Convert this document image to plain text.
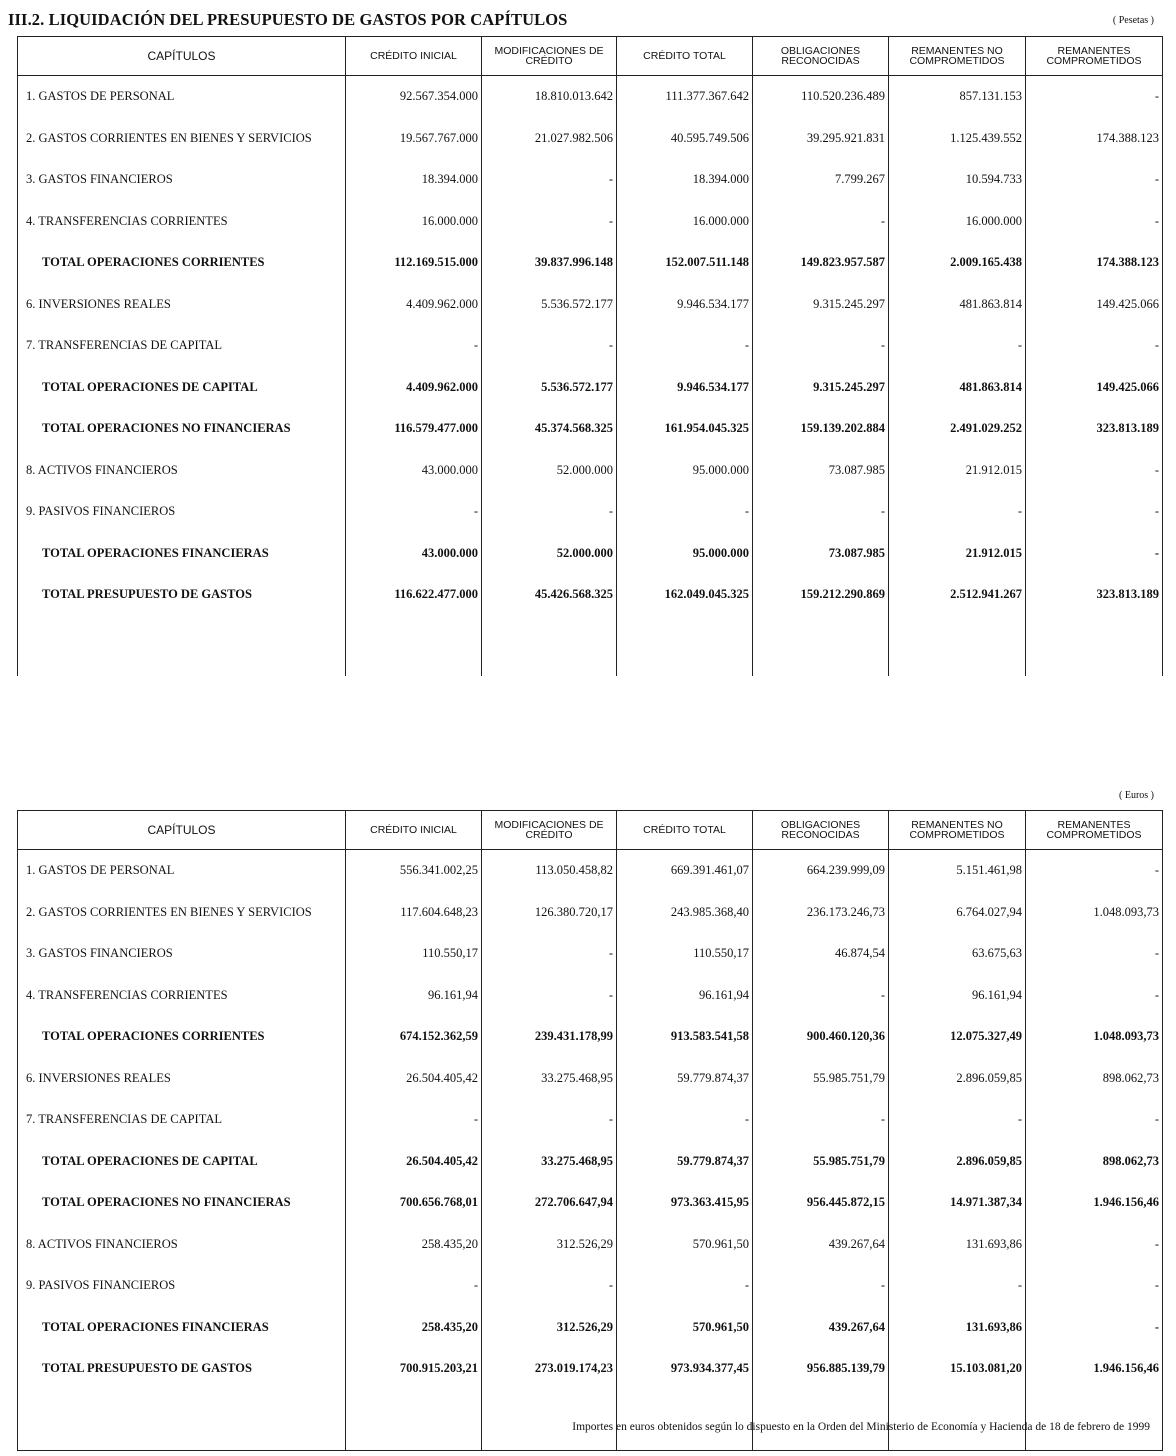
III.2. LIQUIDACIÓN DEL PRESUPUESTO DE GASTOS POR CAPÍTULOS	( Pesetas )
CAPÍTULOS	CRÉDITO INICIAL	MODIFICACIONES DE CRÉDITO	CRÉDITO TOTAL	OBLIGACIONES RECONOCIDAS	REMANENTES NO COMPROMETIDOS	REMANENTES COMPROMETIDOS
1. GASTOS DE PERSONAL	92.567.354.000	18.810.013.642	111.377.367.642	110.520.236.489	857.131.153	-
2. GASTOS CORRIENTES EN BIENES Y SERVICIOS	19.567.767.000	21.027.982.506	40.595.749.506	39.295.921.831	1.125.439.552	174.388.123
3. GASTOS FINANCIEROS	18.394.000	-	18.394.000	7.799.267	10.594.733	-
4. TRANSFERENCIAS CORRIENTES	16.000.000	-	16.000.000	-	16.000.000	-
TOTAL OPERACIONES CORRIENTES	112.169.515.000	39.837.996.148	152.007.511.148	149.823.957.587	2.009.165.438	174.388.123
6. INVERSIONES REALES	4.409.962.000	5.536.572.177	9.946.534.177	9.315.245.297	481.863.814	149.425.066
7. TRANSFERENCIAS DE CAPITAL	-	-	-	-	-	-
TOTAL OPERACIONES DE CAPITAL	4.409.962.000	5.536.572.177	9.946.534.177	9.315.245.297	481.863.814	149.425.066
TOTAL OPERACIONES NO FINANCIERAS	116.579.477.000	45.374.568.325	161.954.045.325	159.139.202.884	2.491.029.252	323.813.189
8. ACTIVOS FINANCIEROS	43.000.000	52.000.000	95.000.000	73.087.985	21.912.015	-
9. PASIVOS FINANCIEROS	-	-	-	-	-	-
TOTAL OPERACIONES FINANCIERAS	43.000.000	52.000.000	95.000.000	73.087.985	21.912.015	-
TOTAL PRESUPUESTO DE GASTOS	116.622.477.000	45.426.568.325	162.049.045.325	159.212.290.869	2.512.941.267	323.813.189

( Euros )
CAPÍTULOS	CRÉDITO INICIAL	MODIFICACIONES DE CRÉDITO	CRÉDITO TOTAL	OBLIGACIONES RECONOCIDAS	REMANENTES NO COMPROMETIDOS	REMANENTES COMPROMETIDOS
1. GASTOS DE PERSONAL	556.341.002,25	113.050.458,82	669.391.461,07	664.239.999,09	5.151.461,98	-
2. GASTOS CORRIENTES EN BIENES Y SERVICIOS	117.604.648,23	126.380.720,17	243.985.368,40	236.173.246,73	6.764.027,94	1.048.093,73
3. GASTOS FINANCIEROS	110.550,17	-	110.550,17	46.874,54	63.675,63	-
4. TRANSFERENCIAS CORRIENTES	96.161,94	-	96.161,94	-	96.161,94	-
TOTAL OPERACIONES CORRIENTES	674.152.362,59	239.431.178,99	913.583.541,58	900.460.120,36	12.075.327,49	1.048.093,73
6. INVERSIONES REALES	26.504.405,42	33.275.468,95	59.779.874,37	55.985.751,79	2.896.059,85	898.062,73
7. TRANSFERENCIAS DE CAPITAL	-	-	-	-	-	-
TOTAL OPERACIONES DE CAPITAL	26.504.405,42	33.275.468,95	59.779.874,37	55.985.751,79	2.896.059,85	898.062,73
TOTAL OPERACIONES NO FINANCIERAS	700.656.768,01	272.706.647,94	973.363.415,95	956.445.872,15	14.971.387,34	1.946.156,46
8. ACTIVOS FINANCIEROS	258.435,20	312.526,29	570.961,50	439.267,64	131.693,86	-
9. PASIVOS FINANCIEROS	-	-	-	-	-	-
TOTAL OPERACIONES FINANCIERAS	258.435,20	312.526,29	570.961,50	439.267,64	131.693,86	-
TOTAL PRESUPUESTO DE GASTOS	700.915.203,21	273.019.174,23	973.934.377,45	956.885.139,79	15.103.081,20	1.946.156,46

Importes en euros obtenidos según lo dispuesto en la Orden del Ministerio de Economía y Hacienda de 18 de febrero de 1999
